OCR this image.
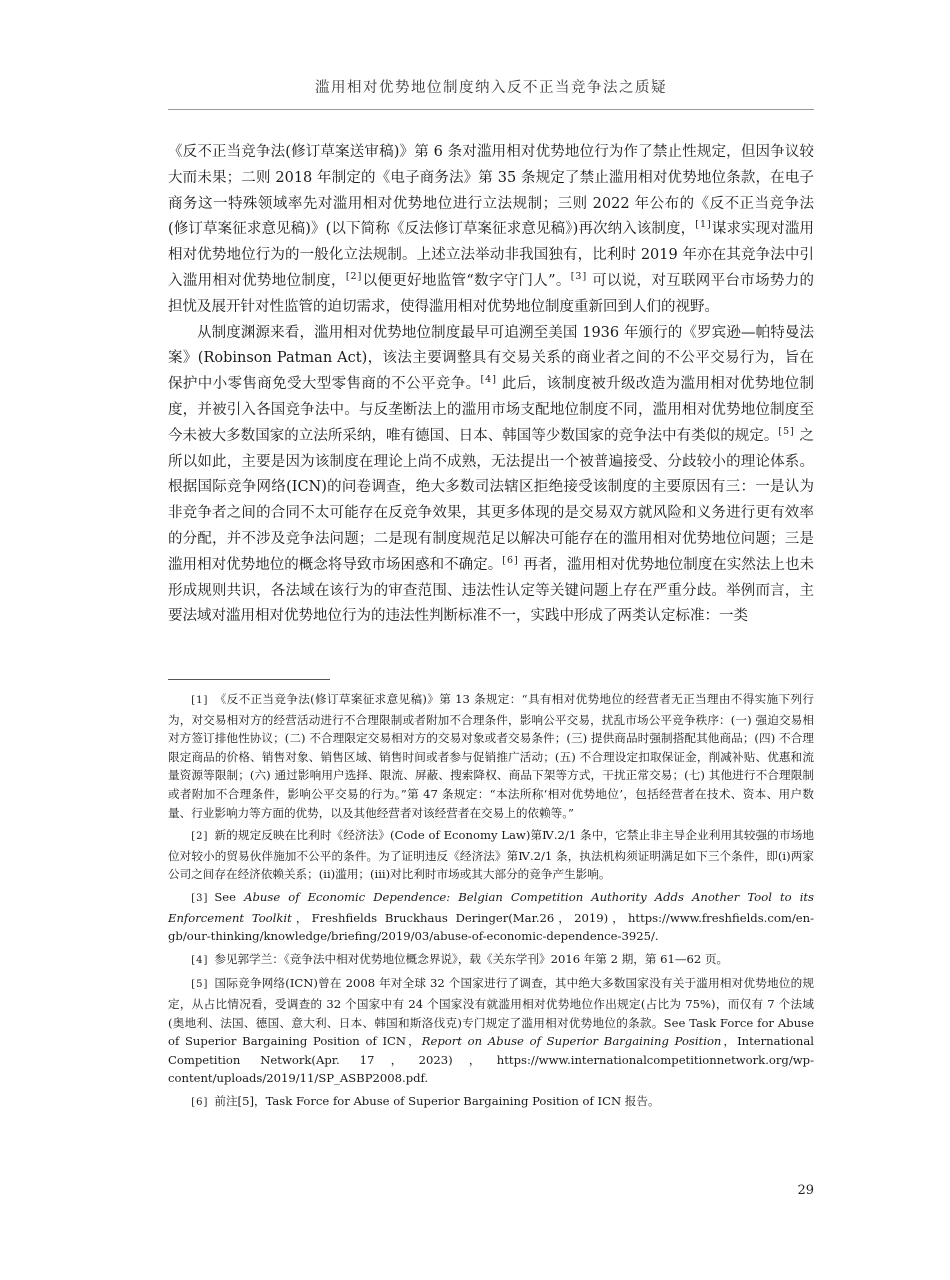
滥用相对优势地位制度纳入反不正当竞争法之质疑

《反不正当竞争法(修订草案送审稿)》第 6 条对滥用相对优势地位行为作了禁止性规定，但因争议较大而未果；二则 2018 年制定的《电子商务法》第 35 条规定了禁止滥用相对优势地位条款，在电子商务这一特殊领域率先对滥用相对优势地位进行立法规制；三则 2022 年公布的《反不正当竞争法(修订草案征求意见稿)》(以下简称《反法修订草案征求意见稿》)再次纳入该制度，[1]谋求实现对滥用相对优势地位行为的一般化立法规制。上述立法举动非我国独有，比利时 2019 年亦在其竞争法中引入滥用相对优势地位制度，[2]以便更好地监管“数字守门人”。[3] 可以说，对互联网平台市场势力的担忧及展开针对性监管的迫切需求，使得滥用相对优势地位制度重新回到人们的视野。

从制度渊源来看，滥用相对优势地位制度最早可追溯至美国 1936 年颁行的《罗宾逊—帕特曼法案》(Robinson Patman Act)，该法主要调整具有交易关系的商业者之间的不公平交易行为，旨在保护中小零售商免受大型零售商的不公平竞争。[4] 此后，该制度被升级改造为滥用相对优势地位制度，并被引入各国竞争法中。与反垄断法上的滥用市场支配地位制度不同，滥用相对优势地位制度至今未被大多数国家的立法所采纳，唯有德国、日本、韩国等少数国家的竞争法中有类似的规定。[5] 之所以如此，主要是因为该制度在理论上尚不成熟，无法提出一个被普遍接受、分歧较小的理论体系。根据国际竞争网络(ICN)的问卷调查，绝大多数司法辖区拒绝接受该制度的主要原因有三：一是认为非竞争者之间的合同不太可能存在反竞争效果，其更多体现的是交易双方就风险和义务进行更有效率的分配，并不涉及竞争法问题；二是现有制度规范足以解决可能存在的滥用相对优势地位问题；三是滥用相对优势地位的概念将导致市场困惑和不确定。[6] 再者，滥用相对优势地位制度在实然法上也未形成规则共识，各法域在该行为的审查范围、违法性认定等关键问题上存在严重分歧。举例而言，主要法域对滥用相对优势地位行为的违法性判断标准不一，实践中形成了两类认定标准：一类

[1] 《反不正当竞争法(修订草案征求意见稿)》第 13 条规定：“具有相对优势地位的经营者无正当理由不得实施下列行为，对交易相对方的经营活动进行不合理限制或者附加不合理条件，影响公平交易，扰乱市场公平竞争秩序：(一) 强迫交易相对方签订排他性协议；(二) 不合理限定交易相对方的交易对象或者交易条件；(三) 提供商品时强制搭配其他商品；(四) 不合理限定商品的价格、销售对象、销售区域、销售时间或者参与促销推广活动；(五) 不合理设定扣取保证金，削减补贴、优惠和流量资源等限制；(六) 通过影响用户选择、限流、屏蔽、搜索降权、商品下架等方式，干扰正常交易；(七) 其他进行不合理限制或者附加不合理条件，影响公平交易的行为。”第 47 条规定：“本法所称‘相对优势地位’，包括经营者在技术、资本、用户数量、行业影响力等方面的优势，以及其他经营者对该经营者在交易上的依赖等。”

[2] 新的规定反映在比利时《经济法》(Code of Economy Law)第Ⅳ.2/1 条中，它禁止非主导企业利用其较强的市场地位对较小的贸易伙伴施加不公平的条件。为了证明违反《经济法》第Ⅳ.2/1 条，执法机构须证明满足如下三个条件，即(i)两家公司之间存在经济依赖关系；(ii)滥用；(iii)对比利时市场或其大部分的竞争产生影响。

[3] See Abuse of Economic Dependence: Belgian Competition Authority Adds Another Tool to its Enforcement Toolkit，Freshfields Bruckhaus Deringer(Mar.26，2019)，https://www.freshfields.com/en-gb/our-thinking/knowledge/briefing/2019/03/abuse-of-economic-dependence-3925/.

[4] 参见郭学兰：《竞争法中相对优势地位概念界说》，载《关东学刊》2016 年第 2 期，第 61—62 页。

[5] 国际竞争网络(ICN)曾在 2008 年对全球 32 个国家进行了调查，其中绝大多数国家没有关于滥用相对优势地位的规定，从占比情况看，受调查的 32 个国家中有 24 个国家没有就滥用相对优势地位作出规定(占比为 75%)，而仅有 7 个法域(奥地利、法国、德国、意大利、日本、韩国和斯洛伐克)专门规定了滥用相对优势地位的条款。See Task Force for Abuse of Superior Bargaining Position of ICN，Report on Abuse of Superior Bargaining Position，International Competition Network(Apr. 17，2023)，https://www.internationalcompetitionnetwork.org/wp-content/uploads/2019/11/SP_ASBP2008.pdf.

[6] 前注[5]，Task Force for Abuse of Superior Bargaining Position of ICN 报告。

29
